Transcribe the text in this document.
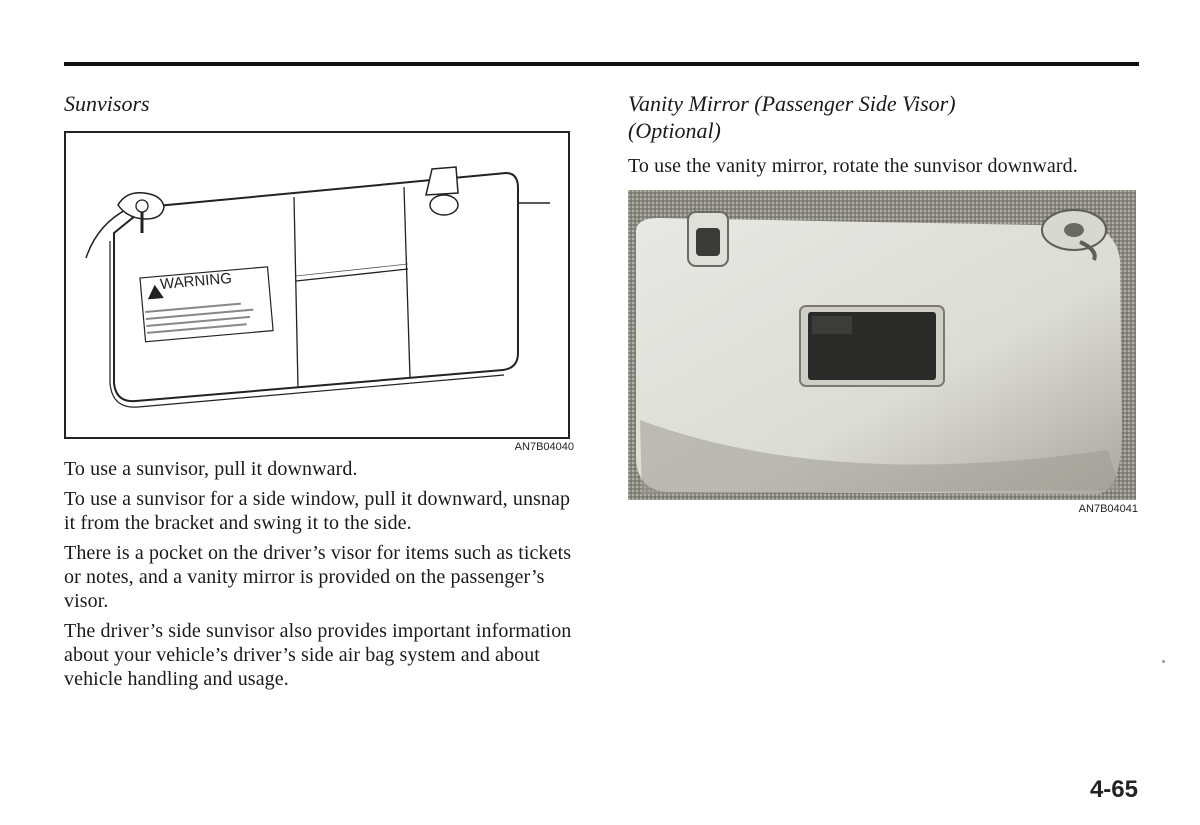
Sunvisors
WARNING
AN7B04040

To use a sunvisor, pull it downward.

To use a sunvisor for a side window, pull it downward, unsnap it from the bracket and swing it to the side.

There is a pocket on the driver’s visor for items such as tickets or notes, and a vanity mirror is provided on the passenger’s visor.

The driver’s side sunvisor also provides important information about your vehicle’s driver’s side air bag system and about vehicle handling and usage.

Vanity Mirror (Passenger Side Visor)
(Optional)

To use the vanity mirror, rotate the sunvisor downward.

AN7B04041
4-65
